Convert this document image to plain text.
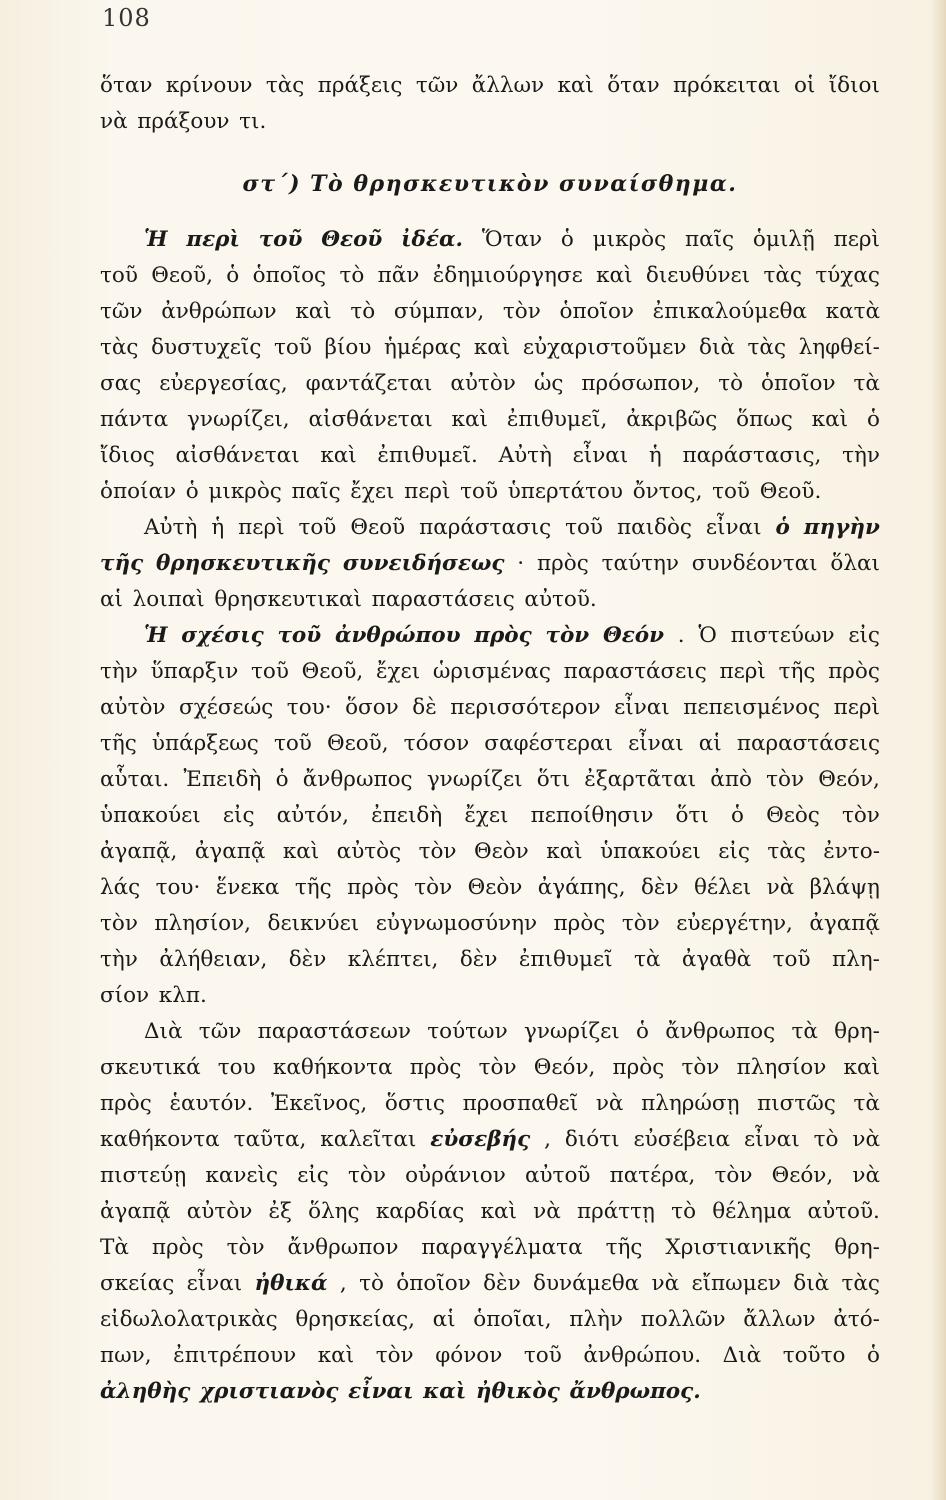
108
ὅταν κρίνουν τὰς πράξεις τῶν ἄλλων καὶ ὅταν πρόκειται οἱ ἴδιοι
νὰ πράξουν τι.
στ΄) Τὸ θρησκευτικὸν συναίσθημα.
Ἡ περὶ τοῦ Θεοῦ ἰδέα. Ὅταν ὁ μικρὸς παῖς ὁμιλῇ περὶ
τοῦ Θεοῦ, ὁ ὁποῖος τὸ πᾶν ἐδημιούργησε καὶ διευθύνει τὰς τύχας
τῶν ἀνθρώπων καὶ τὸ σύμπαν, τὸν ὁποῖον ἐπικαλούμεθα κατὰ
τὰς δυστυχεῖς τοῦ βίου ἡμέρας καὶ εὐχαριστοῦμεν διὰ τὰς ληφθεί-
σας εὐεργεσίας, φαντάζεται αὐτὸν ὡς πρόσωπον, τὸ ὁποῖον τὰ
πάντα γνωρίζει, αἰσθάνεται καὶ ἐπιθυμεῖ, ἀκριβῶς ὅπως καὶ ὁ
ἴδιος αἰσθάνεται καὶ ἐπιθυμεῖ. Αὐτὴ εἶναι ἡ παράστασις, τὴν
ὁποίαν ὁ μικρὸς παῖς ἔχει περὶ τοῦ ὑπερτάτου ὄντος, τοῦ Θεοῦ.
Αὐτὴ ἡ περὶ τοῦ Θεοῦ παράστασις τοῦ παιδὸς εἶναι ὁ πηγὴν
τῆς θρησκευτικῆς συνειδήσεως · πρὸς ταύτην συνδέονται ὅλαι
αἱ λοιπαὶ θρησκευτικαὶ παραστάσεις αὐτοῦ.
Ἡ σχέσις τοῦ ἀνθρώπου πρὸς τὸν Θεόν . Ὁ πιστεύων εἰς
τὴν ὕπαρξιν τοῦ Θεοῦ, ἔχει ὡρισμένας παραστάσεις περὶ τῆς πρὸς
αὐτὸν σχέσεώς του· ὅσον δὲ περισσότερον εἶναι πεπεισμένος περὶ
τῆς ὑπάρξεως τοῦ Θεοῦ, τόσον σαφέστεραι εἶναι αἱ παραστάσεις
αὗται. Ἐπειδὴ ὁ ἄνθρωπος γνωρίζει ὅτι ἐξαρτᾶται ἀπὸ τὸν Θεόν,
ὑπακούει εἰς αὐτόν, ἐπειδὴ ἔχει πεποίθησιν ὅτι ὁ Θεὸς τὸν
ἀγαπᾷ, ἀγαπᾷ καὶ αὐτὸς τὸν Θεὸν καὶ ὑπακούει εἰς τὰς ἐντο-
λάς του· ἕνεκα τῆς πρὸς τὸν Θεὸν ἀγάπης, δὲν θέλει νὰ βλάψῃ
τὸν πλησίον, δεικνύει εὐγνωμοσύνην πρὸς τὸν εὐεργέτην, ἀγαπᾷ
τὴν ἀλήθειαν, δὲν κλέπτει, δὲν ἐπιθυμεῖ τὰ ἀγαθὰ τοῦ πλη-
σίον κλπ.
Διὰ τῶν παραστάσεων τούτων γνωρίζει ὁ ἄνθρωπος τὰ θρη-
σκευτικά του καθήκοντα πρὸς τὸν Θεόν, πρὸς τὸν πλησίον καὶ
πρὸς ἑαυτόν. Ἐκεῖνος, ὅστις προσπαθεῖ νὰ πληρώσῃ πιστῶς τὰ
καθήκοντα ταῦτα, καλεῖται εὐσεβής , διότι εὐσέβεια εἶναι τὸ νὰ
πιστεύῃ κανεὶς εἰς τὸν οὐράνιον αὐτοῦ πατέρα, τὸν Θεόν, νὰ
ἀγαπᾷ αὐτὸν ἐξ ὅλης καρδίας καὶ νὰ πράττῃ τὸ θέλημα αὐτοῦ.
Τὰ πρὸς τὸν ἄνθρωπον παραγγέλματα τῆς Χριστιανικῆς θρη-
σκείας εἶναι ἠθικά , τὸ ὁποῖον δὲν δυνάμεθα νὰ εἴπωμεν διὰ τὰς
εἰδωλολατρικὰς θρησκείας, αἱ ὁποῖαι, πλὴν πολλῶν ἄλλων ἀτό-
πων, ἐπιτρέπουν καὶ τὸν φόνον τοῦ ἀνθρώπου. Διὰ τοῦτο ὁ
ἀληθὴς χριστιανὸς εἶναι καὶ ἠθικὸς ἄνθρωπος.
